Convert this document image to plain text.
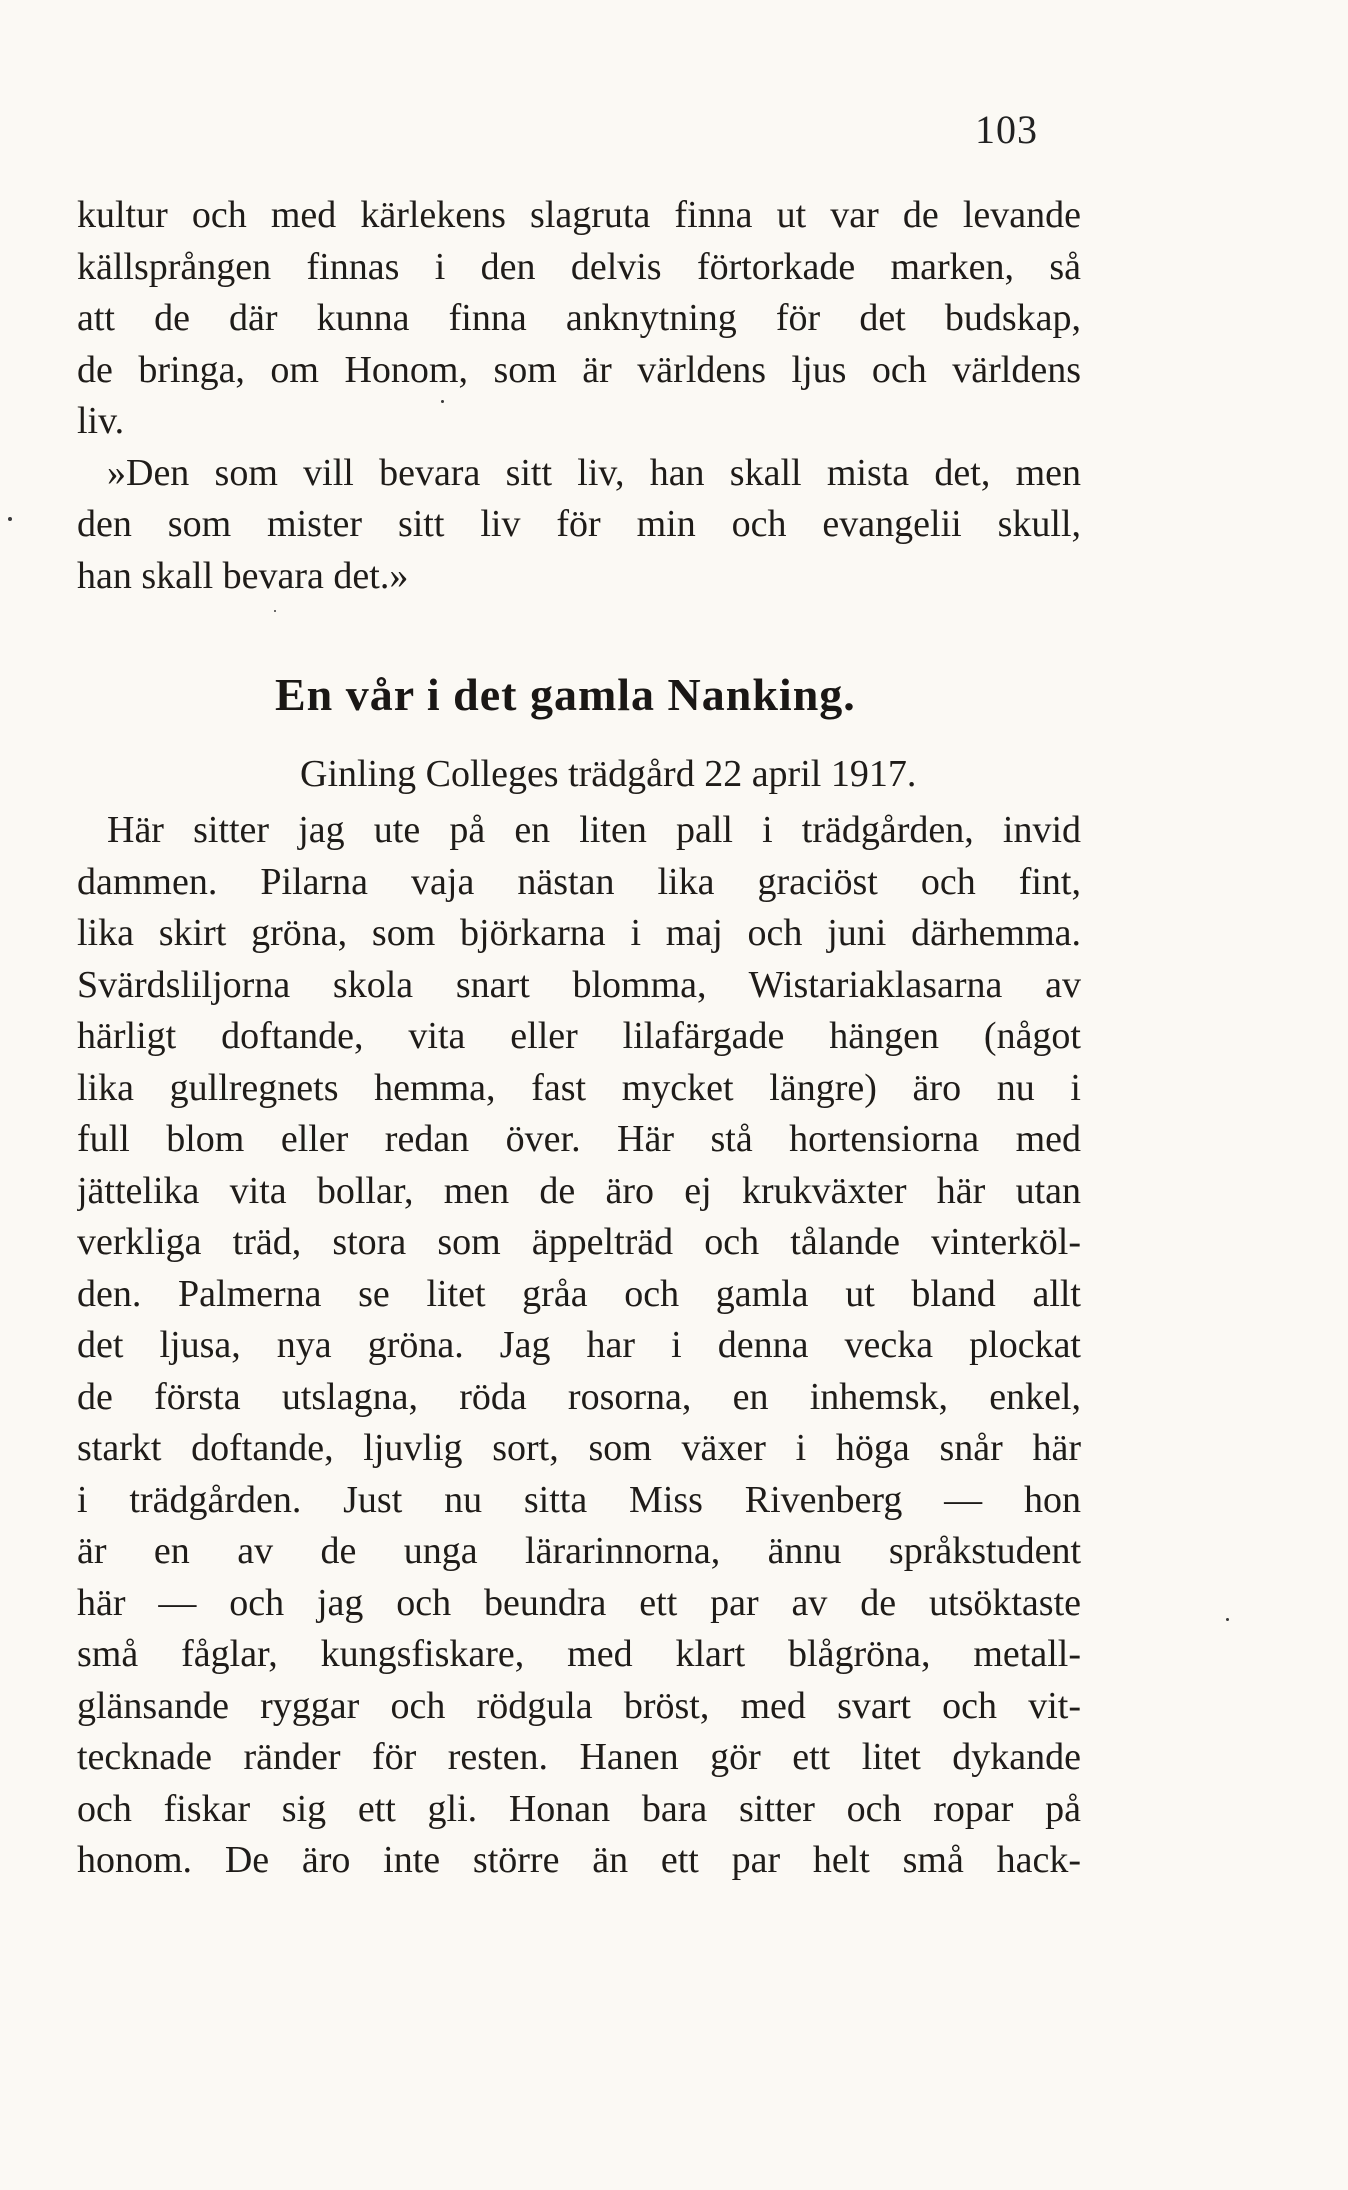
103
kultur och med kärlekens slagruta finna ut var de levande
källsprången finnas i den delvis förtorkade marken, så
att de där kunna finna anknytning för det budskap,
de bringa, om Honom, som är världens ljus och världens
liv.
»Den som vill bevara sitt liv, han skall mista det, men
den som mister sitt liv för min och evangelii skull,
han skall bevara det.»
En vår i det gamla Nanking.
Ginling Colleges trädgård 22 april 1917.
Här sitter jag ute på en liten pall i trädgården, invid
dammen. Pilarna vaja nästan lika graciöst och fint,
lika skirt gröna, som björkarna i maj och juni därhemma.
Svärdsliljorna skola snart blomma, Wistariaklasarna av
härligt doftande, vita eller lilafärgade hängen (något
lika gullregnets hemma, fast mycket längre) äro nu i
full blom eller redan över. Här stå hortensiorna med
jättelika vita bollar, men de äro ej krukväxter här utan
verkliga träd, stora som äppelträd och tålande vinterköl-
den. Palmerna se litet gråa och gamla ut bland allt
det ljusa, nya gröna. Jag har i denna vecka plockat
de första utslagna, röda rosorna, en inhemsk, enkel,
starkt doftande, ljuvlig sort, som växer i höga snår här
i trädgården. Just nu sitta Miss Rivenberg — hon
är en av de unga lärarinnorna, ännu språkstudent
här — och jag och beundra ett par av de utsöktaste
små fåglar, kungsfiskare, med klart blågröna, metall-
glänsande ryggar och rödgula bröst, med svart och vit-
tecknade ränder för resten. Hanen gör ett litet dykande
och fiskar sig ett gli. Honan bara sitter och ropar på
honom. De äro inte större än ett par helt små hack-
